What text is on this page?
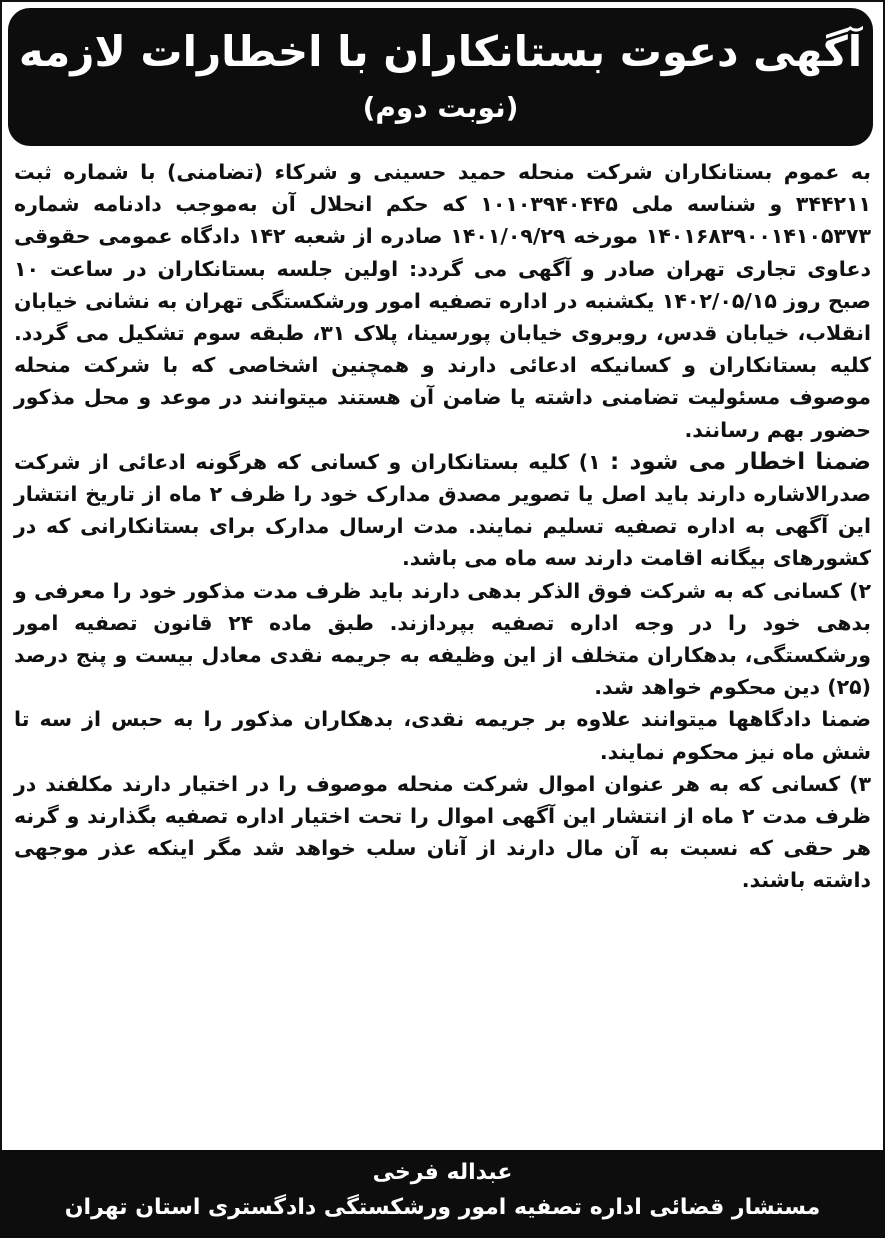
آگهی دعوت بستانکاران با اخطارات لازمه
(نوبت دوم)

به عموم بستانکاران شرکت منحله حمید حسینی و شرکاء (تضامنی) با شماره ثبت ۳۴۴۲۱۱ و شناسه ملی ۱۰۱۰۳۹۴۰۴۴۵ که حکم انحلال آن به‌موجب دادنامه شماره ۱۴۰۱۶۸۳۹۰۰۱۴۱۰۵۳۷۳ مورخه ۱۴۰۱/۰۹/۲۹ صادره از شعبه ۱۴۲ دادگاه عمومی حقوقی دعاوی تجاری تهران صادر و آگهی می گردد: اولین جلسه بستانکاران در ساعت ۱۰ صبح روز ۱۴۰۲/۰۵/۱۵ یکشنبه در اداره تصفیه امور ورشکستگی تهران به نشانی خیابان انقلاب، خیابان قدس، روبروی خیابان پورسینا، پلاک ۳۱، طبقه سوم تشکیل می گردد. کلیه بستانکاران و کسانیکه ادعائی دارند و همچنین اشخاصی که با شرکت منحله موصوف مسئولیت تضامنی داشته یا ضامن آن هستند میتوانند در موعد و محل مذکور حضور بهم رسانند.

ضمنا اخطار می شود : ۱) کلیه بستانکاران و کسانی که هرگونه ادعائی از شرکت صدرالاشاره دارند باید اصل یا تصویر مصدق مدارک خود را ظرف ۲ ماه از تاریخ انتشار این آگهی به اداره تصفیه تسلیم نمایند. مدت ارسال مدارک برای بستانکارانی که در کشورهای بیگانه اقامت دارند سه ماه می باشد.

۲) کسانی که به شرکت فوق الذکر بدهی دارند باید ظرف مدت مذکور خود را معرفی و بدهی خود را در وجه اداره تصفیه بپردازند. طبق ماده ۲۴ قانون تصفیه امور ورشکستگی، بدهکاران متخلف از این وظیفه به جریمه نقدی معادل بیست و پنج درصد (۲۵) دین محکوم خواهد شد.

ضمنا دادگاهها میتوانند علاوه بر جریمه نقدی، بدهکاران مذکور را به حبس از سه تا شش ماه نیز محکوم نمایند.

۳) کسانی که به هر عنوان اموال شرکت منحله موصوف را در اختیار دارند مکلفند در ظرف مدت ۲ ماه از انتشار این آگهی اموال را تحت اختیار اداره تصفیه بگذارند و گرنه هر حقی که نسبت به آن مال دارند از آنان سلب خواهد شد مگر اینکه عذر موجهی داشته باشند.

عبداله فرخی
مستشار قضائی اداره تصفیه امور ورشکستگی دادگستری استان تهران
